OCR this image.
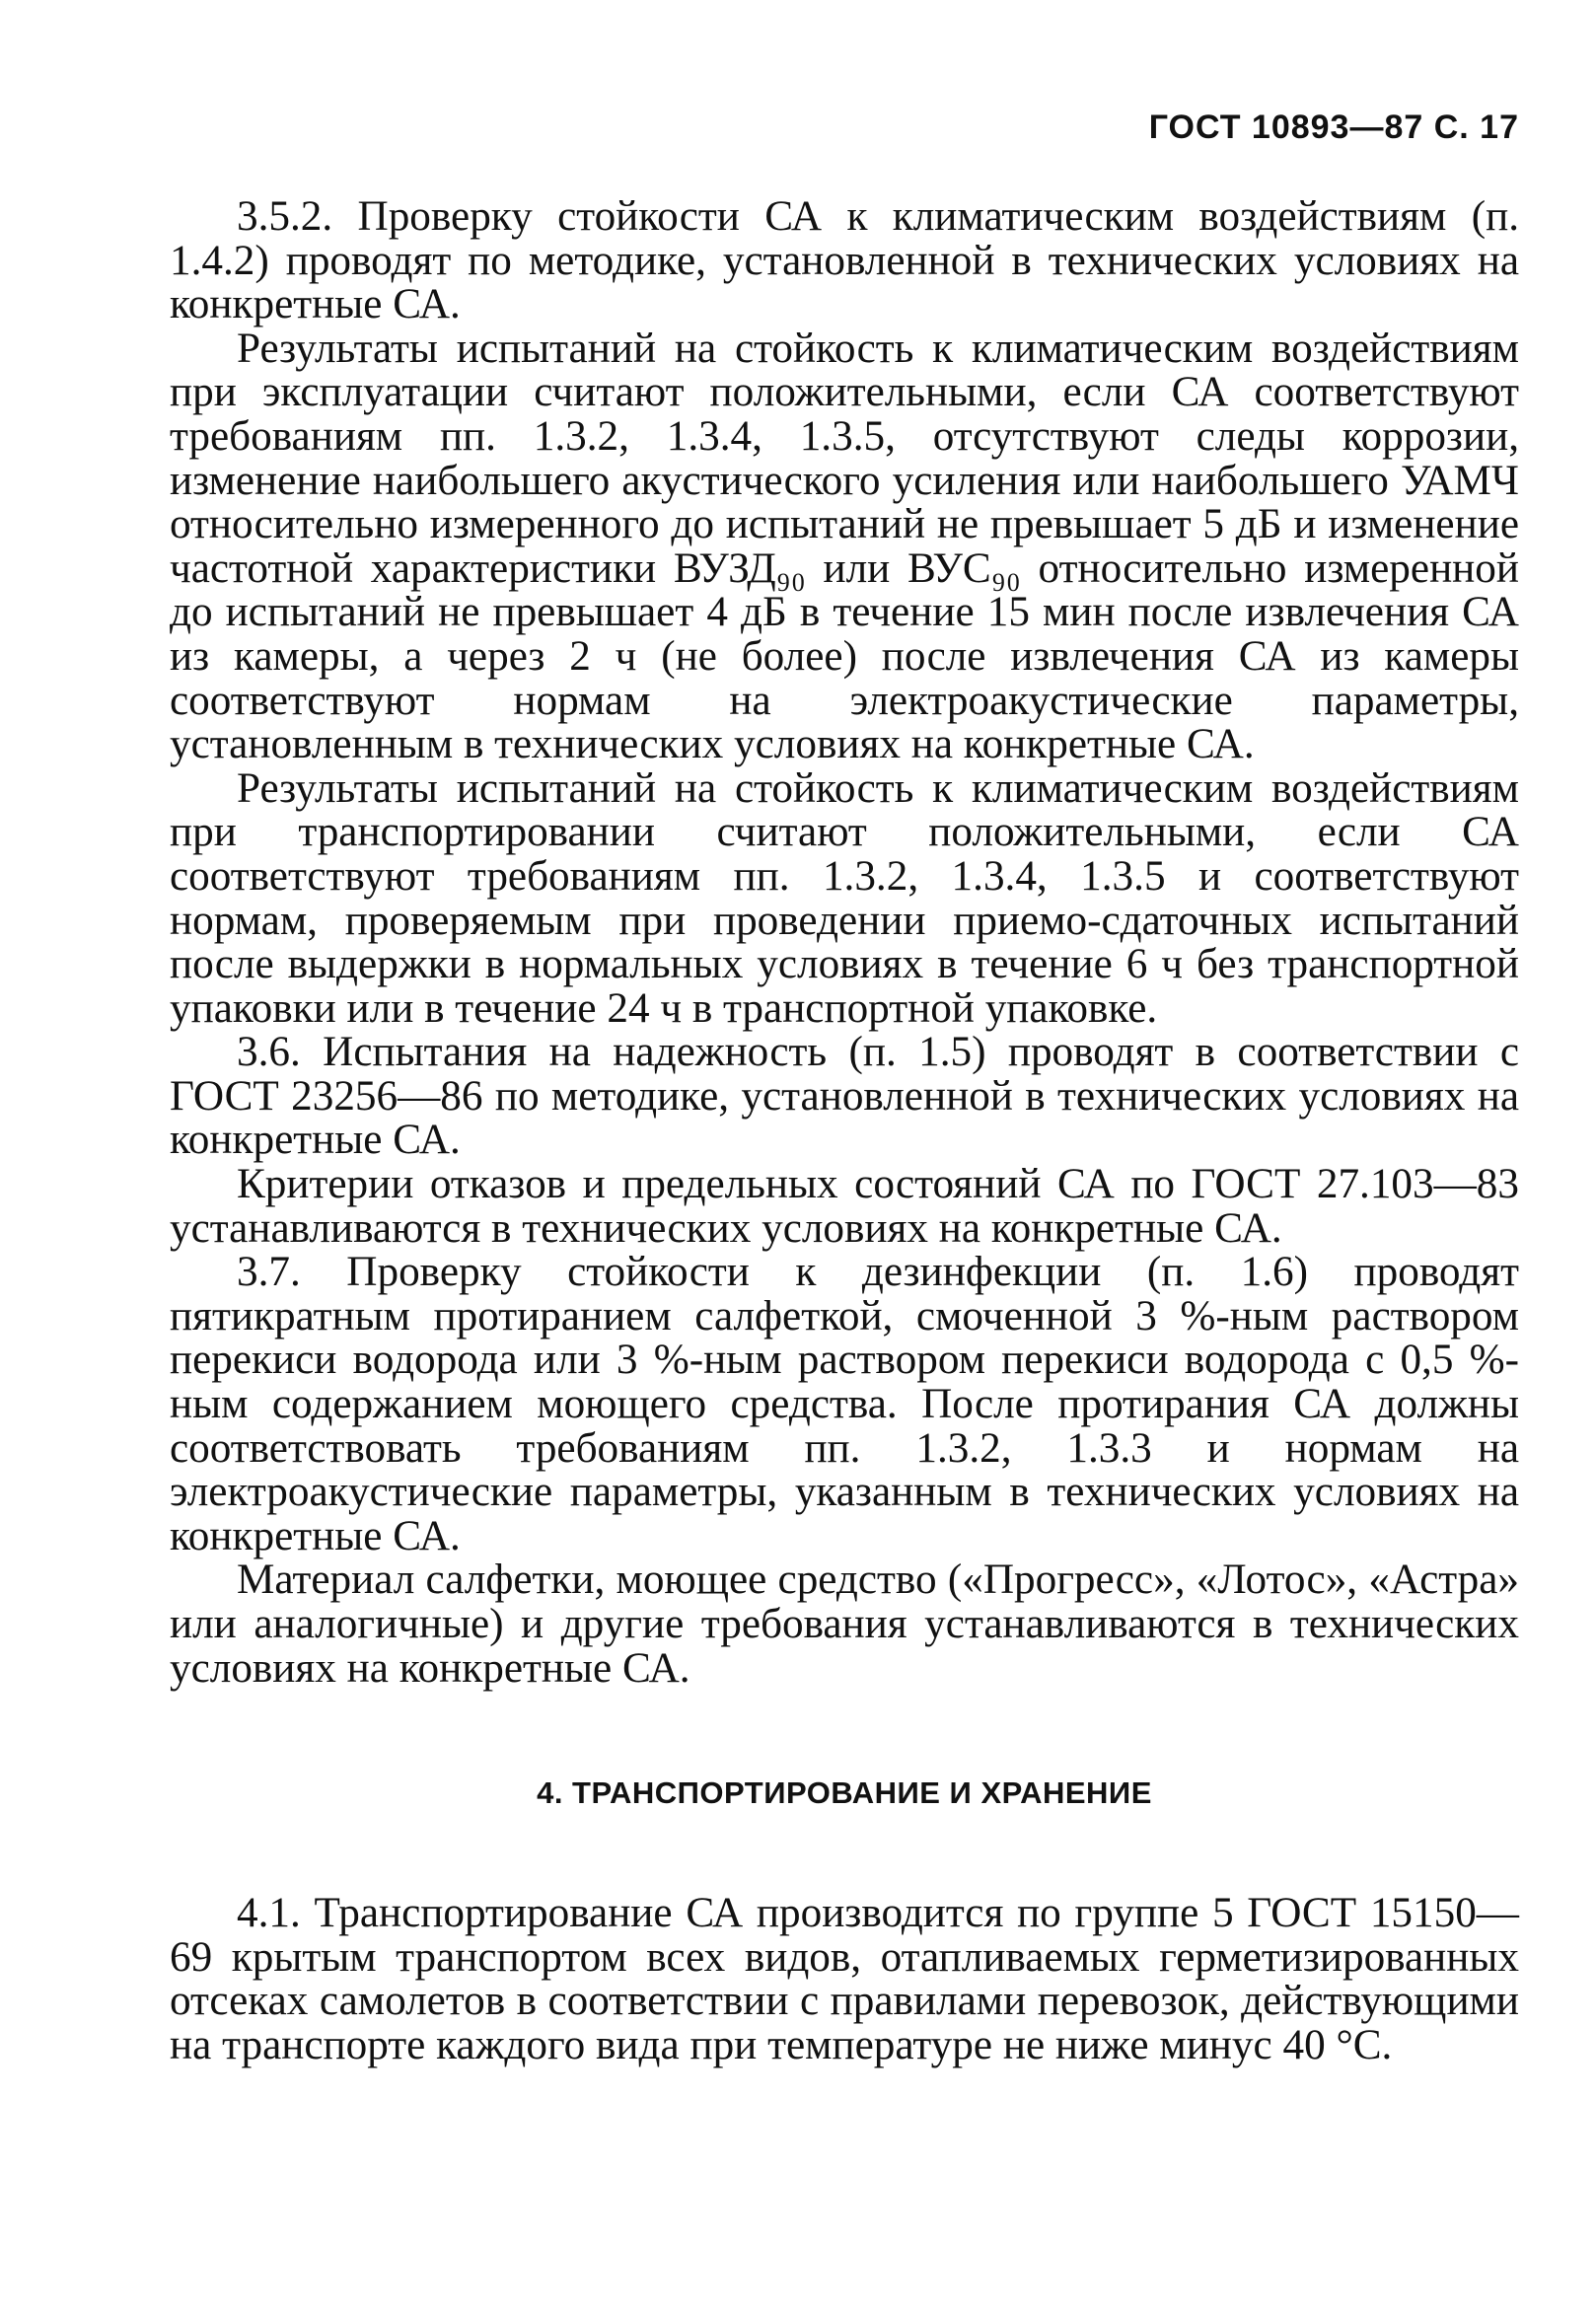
ГОСТ 10893—87 С. 17

3.5.2. Проверку стойкости СА к климатическим воздействиям (п. 1.4.2) проводят по методике, установленной в технических условиях на конкретные СА.

Результаты испытаний на стойкость к климатическим воздействиям при эксплуатации считают положительными, если СА соответствуют требованиям пп. 1.3.2, 1.3.4, 1.3.5, отсутствуют следы коррозии, изменение наибольшего акустического усиления или наибольшего УАМЧ относительно измеренного до испытаний не превышает 5 дБ и изменение частотной характеристики ВУЗД₉₀ или ВУС₉₀ относительно измеренной до испытаний не превышает 4 дБ в течение 15 мин после извлечения СА из камеры, а через 2 ч (не более) после извлечения СА из камеры соответствуют нормам на электроакустические параметры, установленным в технических условиях на конкретные СА.

Результаты испытаний на стойкость к климатическим воздействиям при транспортировании считают положительными, если СА соответствуют требованиям пп. 1.3.2, 1.3.4, 1.3.5 и соответствуют нормам, проверяемым при проведении приемо-сдаточных испытаний после выдержки в нормальных условиях в течение 6 ч без транспортной упаковки или в течение 24 ч в транспортной упаковке.

3.6. Испытания на надежность (п. 1.5) проводят в соответствии с ГОСТ 23256—86 по методике, установленной в технических условиях на конкретные СА.

Критерии отказов и предельных состояний СА по ГОСТ 27.103—83 устанавливаются в технических условиях на конкретные СА.

3.7. Проверку стойкости к дезинфекции (п. 1.6) проводят пятикратным протиранием салфеткой, смоченной 3 %-ным раствором перекиси водорода или 3 %-ным раствором перекиси водорода с 0,5 %-ным содержанием моющего средства. После протирания СА должны соответствовать требованиям пп. 1.3.2, 1.3.3 и нормам на электроакустические параметры, указанным в технических условиях на конкретные СА.

Материал салфетки, моющее средство («Прогресс», «Лотос», «Астра» или аналогичные) и другие требования устанавливаются в технических условиях на конкретные СА.

4. ТРАНСПОРТИРОВАНИЕ И ХРАНЕНИЕ

4.1. Транспортирование СА производится по группе 5 ГОСТ 15150—69 крытым транспортом всех видов, отапливаемых герметизированных отсеках самолетов в соответствии с правилами перевозок, действующими на транспорте каждого вида при температуре не ниже минус 40 °С.
